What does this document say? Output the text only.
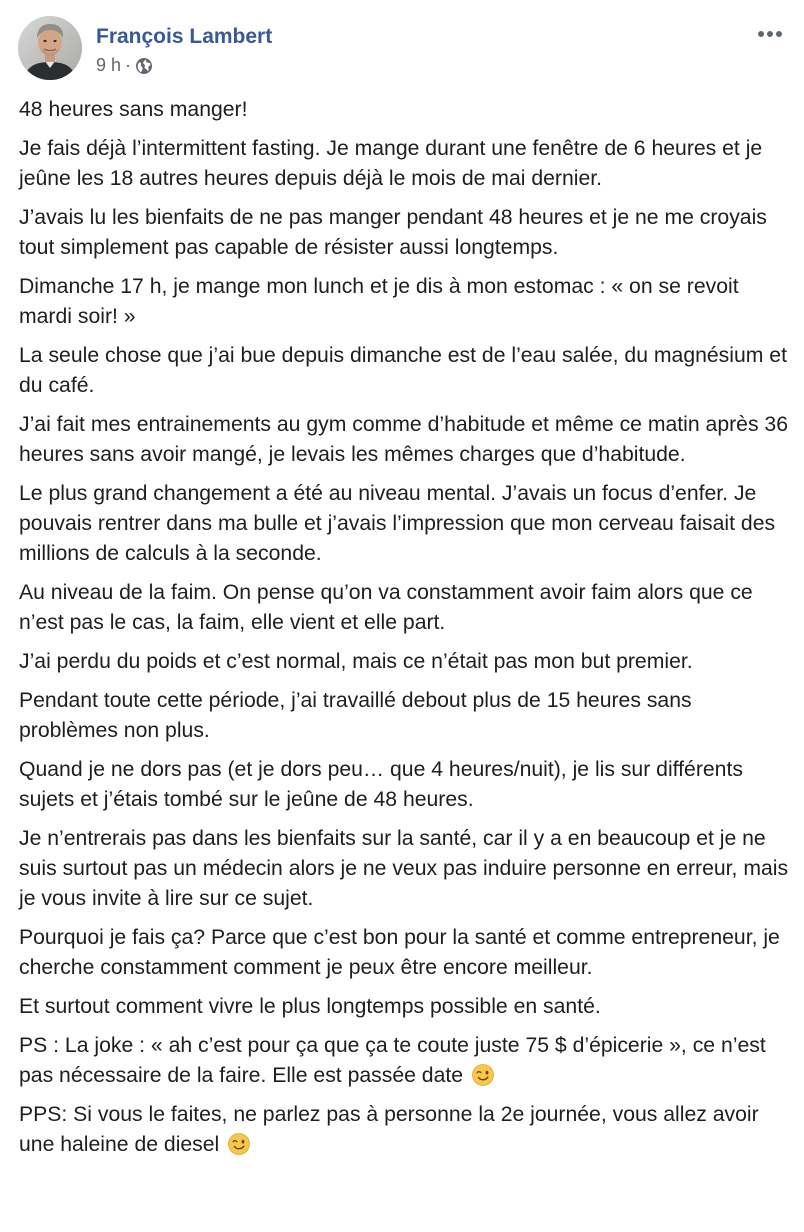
François Lambert
9 h ·

48 heures sans manger!

Je fais déjà l’intermittent fasting. Je mange durant une fenêtre de 6 heures et je jeûne les 18 autres heures depuis déjà le mois de mai dernier.

J’avais lu les bienfaits de ne pas manger pendant 48 heures et je ne me croyais tout simplement pas capable de résister aussi longtemps.

Dimanche 17 h, je mange mon lunch et je dis à mon estomac : « on se revoit mardi soir! »

La seule chose que j’ai bue depuis dimanche est de l’eau salée, du magnésium et du café.

J’ai fait mes entrainements au gym comme d’habitude et même ce matin après 36 heures sans avoir mangé, je levais les mêmes charges que d’habitude.

Le plus grand changement a été au niveau mental. J’avais un focus d’enfer. Je pouvais rentrer dans ma bulle et j’avais l’impression que mon cerveau faisait des millions de calculs à la seconde.

Au niveau de la faim. On pense qu’on va constamment avoir faim alors que ce n’est pas le cas, la faim, elle vient et elle part.

J’ai perdu du poids et c’est normal, mais ce n’était pas mon but premier.

Pendant toute cette période, j’ai travaillé debout plus de 15 heures sans problèmes non plus.

Quand je ne dors pas (et je dors peu… que 4 heures/nuit), je lis sur différents sujets et j’étais tombé sur le jeûne de 48 heures.

Je n’entrerais pas dans les bienfaits sur la santé, car il y a en beaucoup et je ne suis surtout pas un médecin alors je ne veux pas induire personne en erreur, mais je vous invite à lire sur ce sujet.

Pourquoi je fais ça? Parce que c’est bon pour la santé et comme entrepreneur, je cherche constamment comment je peux être encore meilleur.

Et surtout comment vivre le plus longtemps possible en santé.

PS : La joke : « ah c’est pour ça que ça te coute juste 75 $ d’épicerie », ce n’est pas nécessaire de la faire. Elle est passée date

PPS: Si vous le faites, ne parlez pas à personne la 2e journée, vous allez avoir une haleine de diesel
